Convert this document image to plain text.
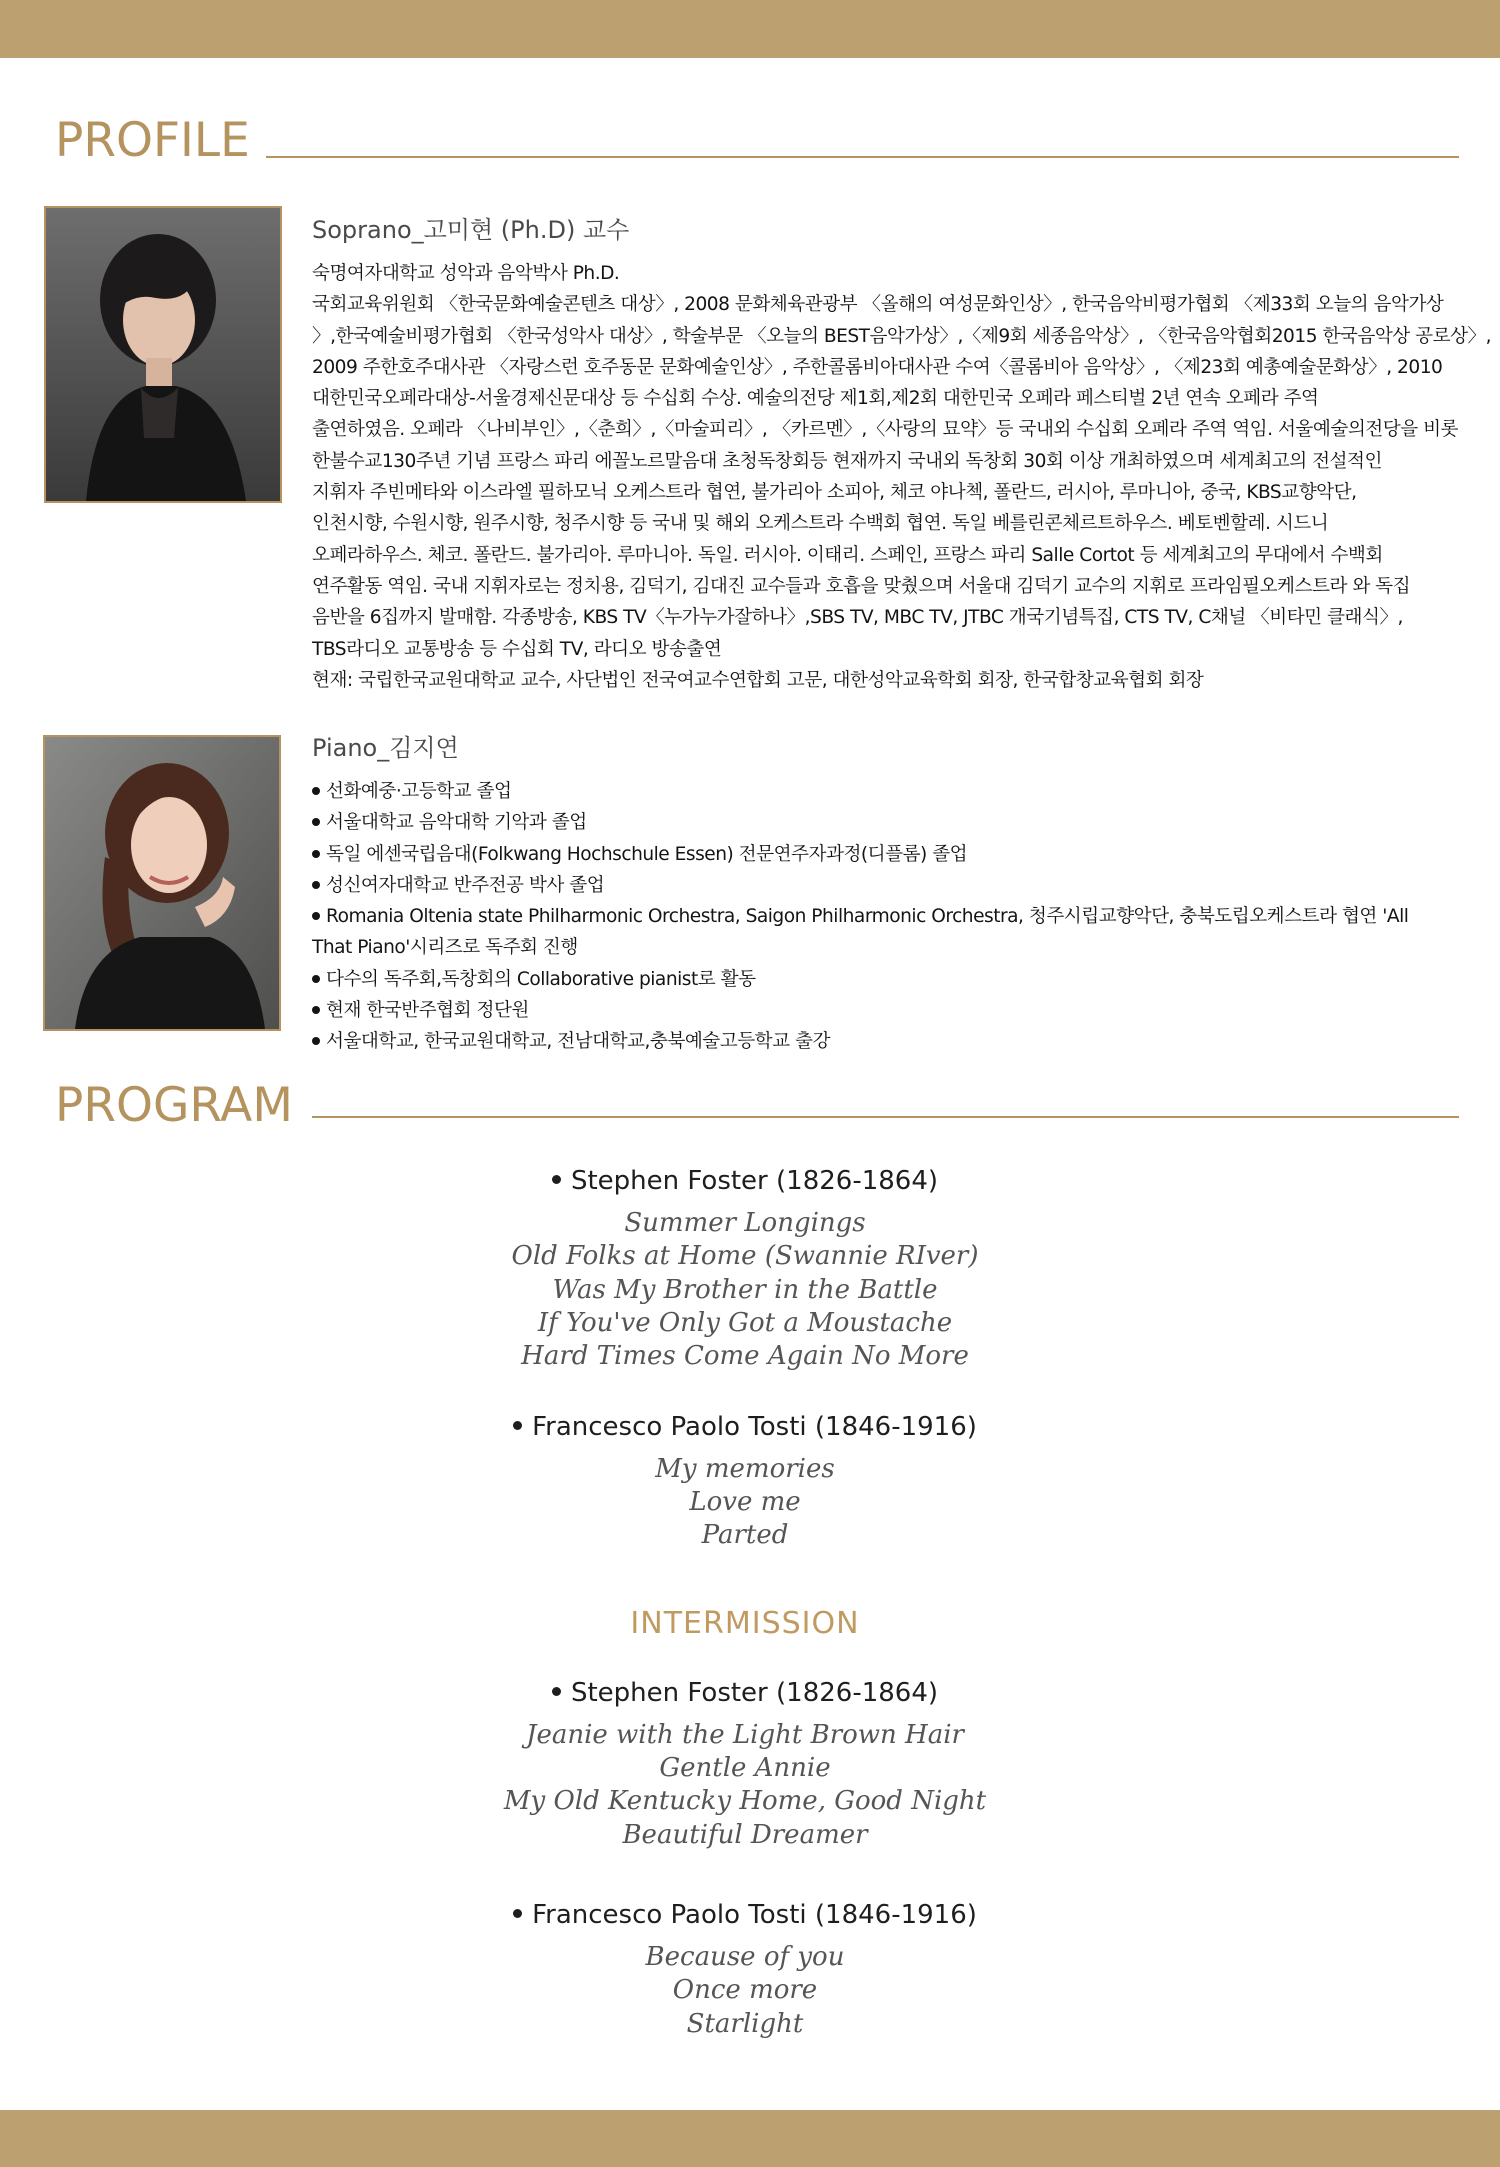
PROFILE
Soprano_고미현 (Ph.D) 교수

숙명여자대학교 성악과 음악박사 Ph.D.

국회교육위원회 〈한국문화예술콘텐츠 대상〉, 2008 문화체육관광부 〈올해의 여성문화인상〉, 한국음악비평가협회 〈제33회 오늘의 음악가상

〉,한국예술비평가협회 〈한국성악사 대상〉, 학술부문 〈오늘의 BEST음악가상〉,〈제9회 세종음악상〉, 〈한국음악협회2015 한국음악상 공로상〉,

2009 주한호주대사관 〈자랑스런 호주동문 문화예술인상〉, 주한콜롬비아대사관 수여〈콜롬비아 음악상〉, 〈제23회 예총예술문화상〉, 2010

대한민국오페라대상-서울경제신문대상 등 수십회 수상. 예술의전당 제1회,제2회 대한민국 오페라 페스티벌 2년 연속 오페라 주역

출연하였음. 오페라 〈나비부인〉,〈춘희〉,〈마술피리〉, 〈카르멘〉,〈사랑의 묘약〉등 국내외 수십회 오페라 주역 역임. 서울예술의전당을 비롯

한불수교130주년 기념 프랑스 파리 에꼴노르말음대 초청독창회등 현재까지 국내외 독창회 30회 이상 개최하였으며 세계최고의 전설적인

지휘자 주빈메타와 이스라엘 필하모닉 오케스트라 협연, 불가리아 소피아, 체코 야나첵, 폴란드, 러시아, 루마니아, 중국, KBS교향악단,

인천시향, 수원시향, 원주시향, 청주시향 등 국내 및 해외 오케스트라 수백회 협연. 독일 베를린콘체르트하우스. 베토벤할레. 시드니

오페라하우스. 체코. 폴란드. 불가리아. 루마니아. 독일. 러시아. 이태리. 스페인, 프랑스 파리 Salle Cortot 등 세계최고의 무대에서 수백회

연주활동 역임. 국내 지휘자로는 정치용, 김덕기, 김대진 교수들과 호흡을 맞췄으며 서울대 김덕기 교수의 지휘로 프라임필오케스트라 와 독집

음반을 6집까지 발매함. 각종방송, KBS TV〈누가누가잘하나〉,SBS TV, MBC TV, JTBC 개국기념특집, CTS TV, C채널 〈비타민 클래식〉,

TBS라디오 교통방송 등 수십회 TV, 라디오 방송출연

현재: 국립한국교원대학교 교수, 사단법인 전국여교수연합회 고문, 대한성악교육학회 회장, 한국합창교육협회 회장

Piano_김지연
선화예중·고등학교 졸업
서울대학교 음악대학 기악과 졸업
독일 에센국립음대(Folkwang Hochschule Essen) 전문연주자과정(디플롬) 졸업
성신여자대학교 반주전공 박사 졸업
Romania Oltenia state Philharmonic Orchestra, Saigon Philharmonic Orchestra, 청주시립교향악단, 충북도립오케스트라 협연 'All
That Piano'시리즈로 독주회 진행
다수의 독주회,독창회의 Collaborative pianist로 활동
현재 한국반주협회 정단원
서울대학교, 한국교원대학교, 전남대학교,충북예술고등학교 출강
PROGRAM
Stephen Foster (1826-1864)
Summer Longings
Old Folks at Home (Swannie RIver)
Was My Brother in the Battle
If You've Only Got a Moustache
Hard Times Come Again No More
Francesco Paolo Tosti (1846-1916)
My memories
Love me
Parted
INTERMISSION
Stephen Foster (1826-1864)
Jeanie with the Light Brown Hair
Gentle Annie
My Old Kentucky Home, Good Night
Beautiful Dreamer
Francesco Paolo Tosti (1846-1916)
Because of you
Once more
Starlight
